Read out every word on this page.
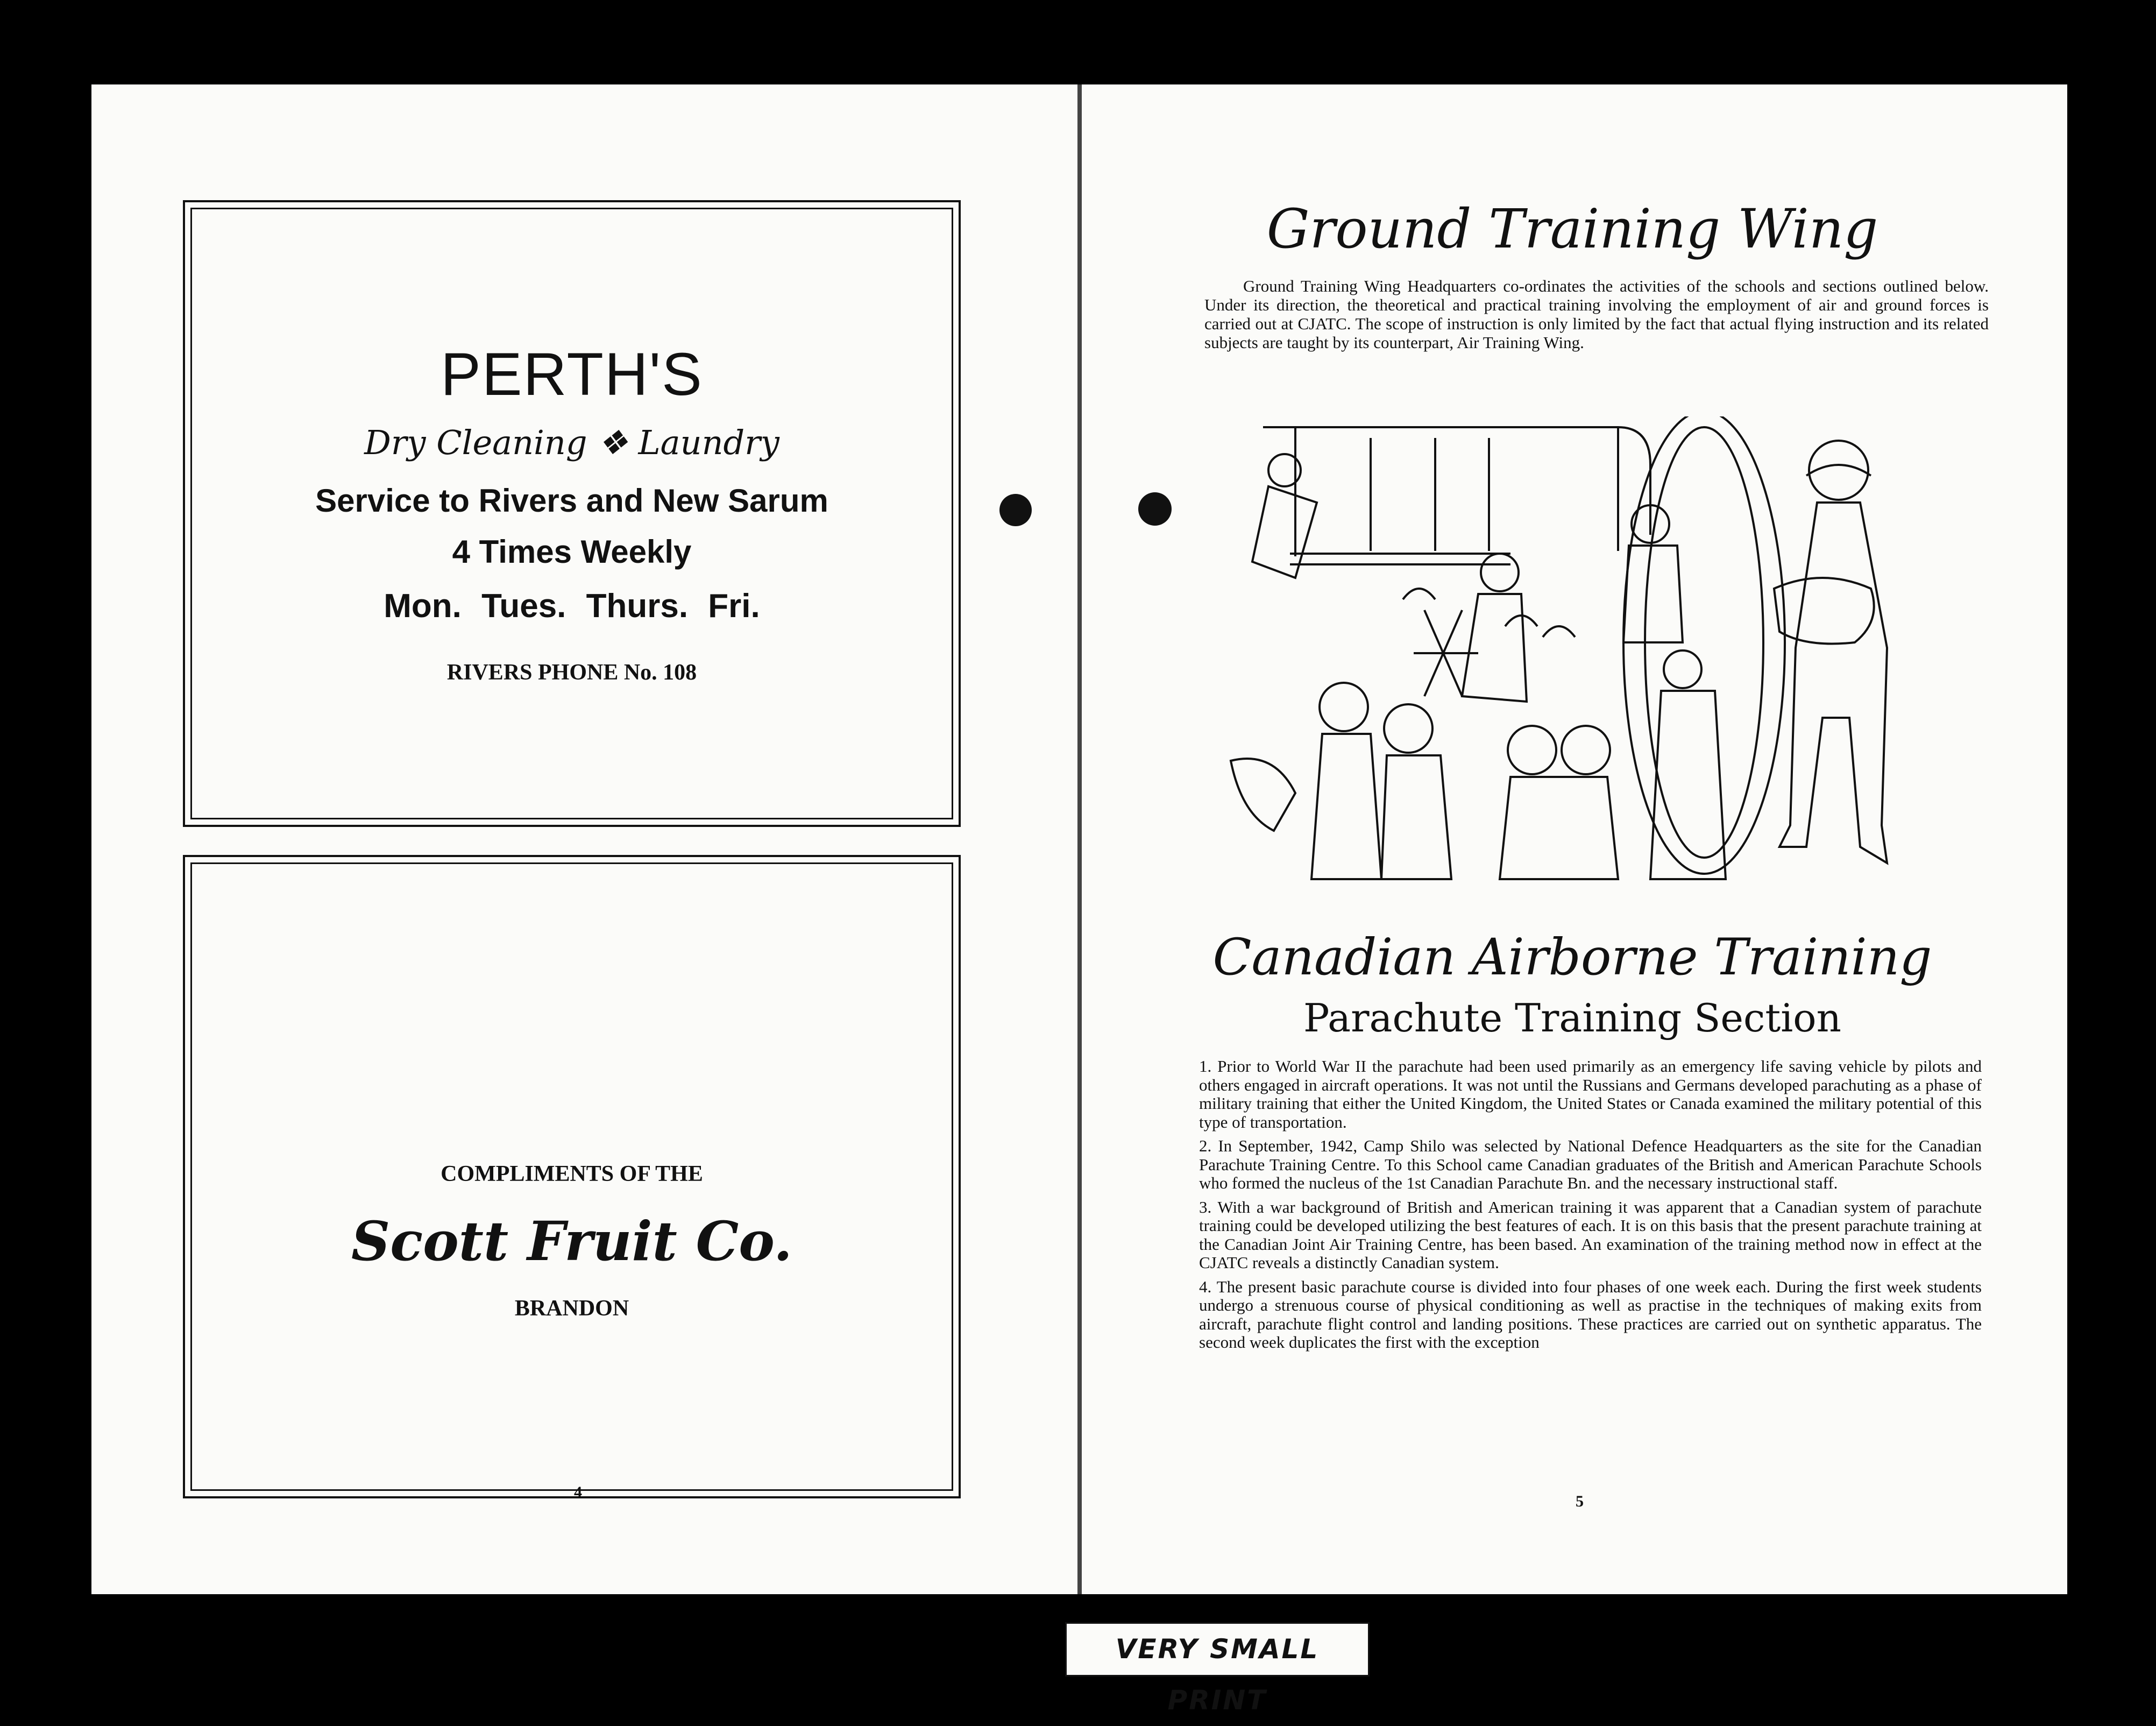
PERTH'S
Dry Cleaning ❖ Laundry
Service to Rivers and New Sarum
4 Times Weekly
Mon. Tues. Thurs. Fri.
RIVERS PHONE No. 108
COMPLIMENTS OF THE
Scott Fruit Co.
BRANDON
4
Ground Training Wing
Ground Training Wing Headquarters co-ordinates the activities of the schools and sections outlined below. Under its direction, the theoretical and practical training involving the employment of air and ground forces is carried out at CJATC. The scope of instruction is only limited by the fact that actual flying instruction and its related subjects are taught by its counterpart, Air Training Wing.
Canadian Airborne Training
Parachute Training Section

1. Prior to World War II the parachute had been used primarily as an emergency life saving vehicle by pilots and others engaged in aircraft operations. It was not until the Russians and Germans developed parachuting as a phase of military training that either the United Kingdom, the United States or Canada examined the military potential of this type of transportation.

2. In September, 1942, Camp Shilo was selected by National Defence Headquarters as the site for the Canadian Parachute Training Centre. To this School came Canadian graduates of the British and American Parachute Schools who formed the nucleus of the 1st Canadian Parachute Bn. and the necessary instructional staff.

3. With a war background of British and American training it was apparent that a Canadian system of parachute training could be developed utilizing the best features of each. It is on this basis that the present parachute training at the Canadian Joint Air Training Centre, has been based. An examination of the training method now in effect at the CJATC reveals a distinctly Canadian system.

4. The present basic parachute course is divided into four phases of one week each. During the first week students undergo a strenuous course of physical conditioning as well as practise in the techniques of making exits from aircraft, parachute flight control and landing positions. These practices are carried out on synthetic apparatus. The second week duplicates the first with the exception

5
VERY SMALL PRINT
